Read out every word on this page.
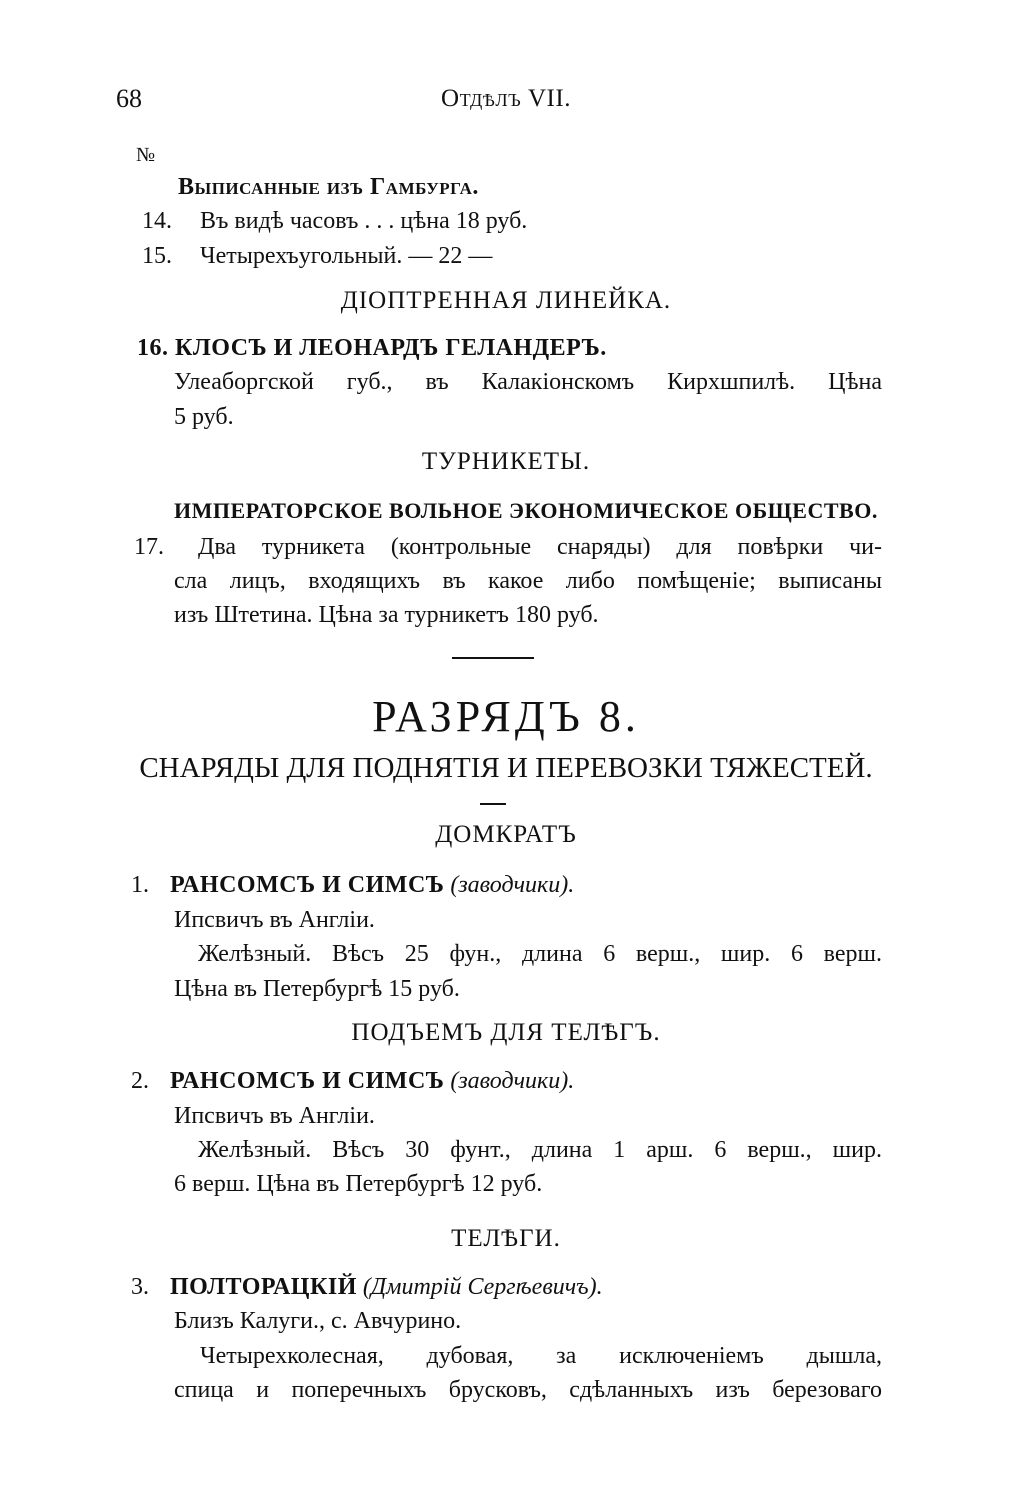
68	Отдѣлъ VII.
№
Выписанные изъ Гамбурга.
14. Въ видѣ часовъ . . . цѣна 18 руб.
15. Четырехъугольный. — 22 —
ДІОПТРЕННАЯ ЛИНЕЙКА.
16. КЛОСЪ И ЛЕОНАРДЪ ГЕЛАНДЕРЪ.
Улеаборгской губ., въ Калакіонскомъ Кирхшпилѣ. Цѣна
5 руб.
ТУРНИКЕТЫ.
ИМПЕРАТОРСКОЕ ВОЛЬНОЕ ЭКОНОМИЧЕСКОЕ ОБЩЕСТВО.
17. Два турникета (контрольные снаряды) для повѣрки чи-
сла лицъ, входящихъ въ какое либо помѣщеніе; выписаны
изъ Штетина. Цѣна за турникетъ 180 руб.
РАЗРЯДЪ 8.
СНАРЯДЫ ДЛЯ ПОДНЯТІЯ И ПЕРЕВОЗКИ ТЯЖЕСТЕЙ.
ДОМКРАТЪ
1. РАНСОМСЪ И СИМСЪ (заводчики).
Ипсвичъ въ Англіи.
Желѣзный. Вѣсъ 25 фун., длина 6 верш., шир. 6 верш.
Цѣна въ Петербургѣ 15 руб.
ПОДЪЕМЪ ДЛЯ ТЕЛѢГЪ.
2. РАНСОМСЪ И СИМСЪ (заводчики).
Ипсвичъ въ Англіи.
Желѣзный. Вѣсъ 30 фунт., длина 1 арш. 6 верш., шир.
6 верш. Цѣна въ Петербургѣ 12 руб.
ТЕЛѢГИ.
3. ПОЛТОРАЦКІЙ (Дмитрій Сергѣевичъ).
Близъ Калуги., с. Авчурино.
Четырехколесная, дубовая, за исключеніемъ дышла,
спица и поперечныхъ брусковъ, сдѣланныхъ изъ березоваго
